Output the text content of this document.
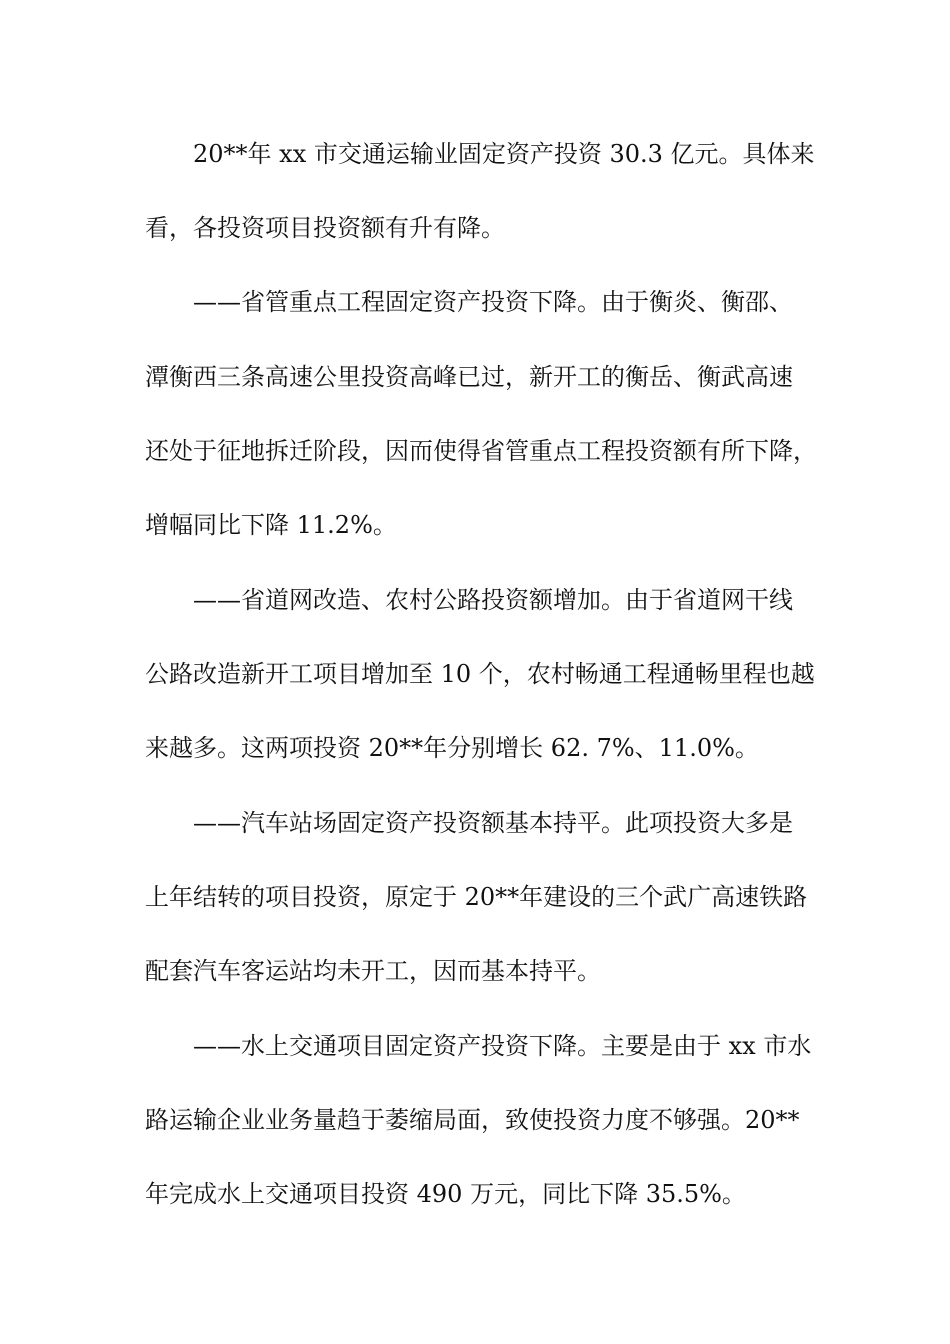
20**年 xx 市交通运输业固定资产投资 30.3 亿元。具体来
看，各投资项目投资额有升有降。
——省管重点工程固定资产投资下降。由于衡炎、衡邵、
潭衡西三条高速公里投资高峰已过，新开工的衡岳、衡武高速
还处于征地拆迁阶段，因而使得省管重点工程投资额有所下降，
增幅同比下降 11.2%。
——省道网改造、农村公路投资额增加。由于省道网干线
公路改造新开工项目增加至 10 个，农村畅通工程通畅里程也越
来越多。这两项投资 20**年分别增长 62. 7%、11.0%。
——汽车站场固定资产投资额基本持平。此项投资大多是
上年结转的项目投资，原定于 20**年建设的三个武广高速铁路
配套汽车客运站均未开工，因而基本持平。
——水上交通项目固定资产投资下降。主要是由于 xx 市水
路运输企业业务量趋于萎缩局面，致使投资力度不够强。20**
年完成水上交通项目投资 490 万元，同比下降 35.5%。
